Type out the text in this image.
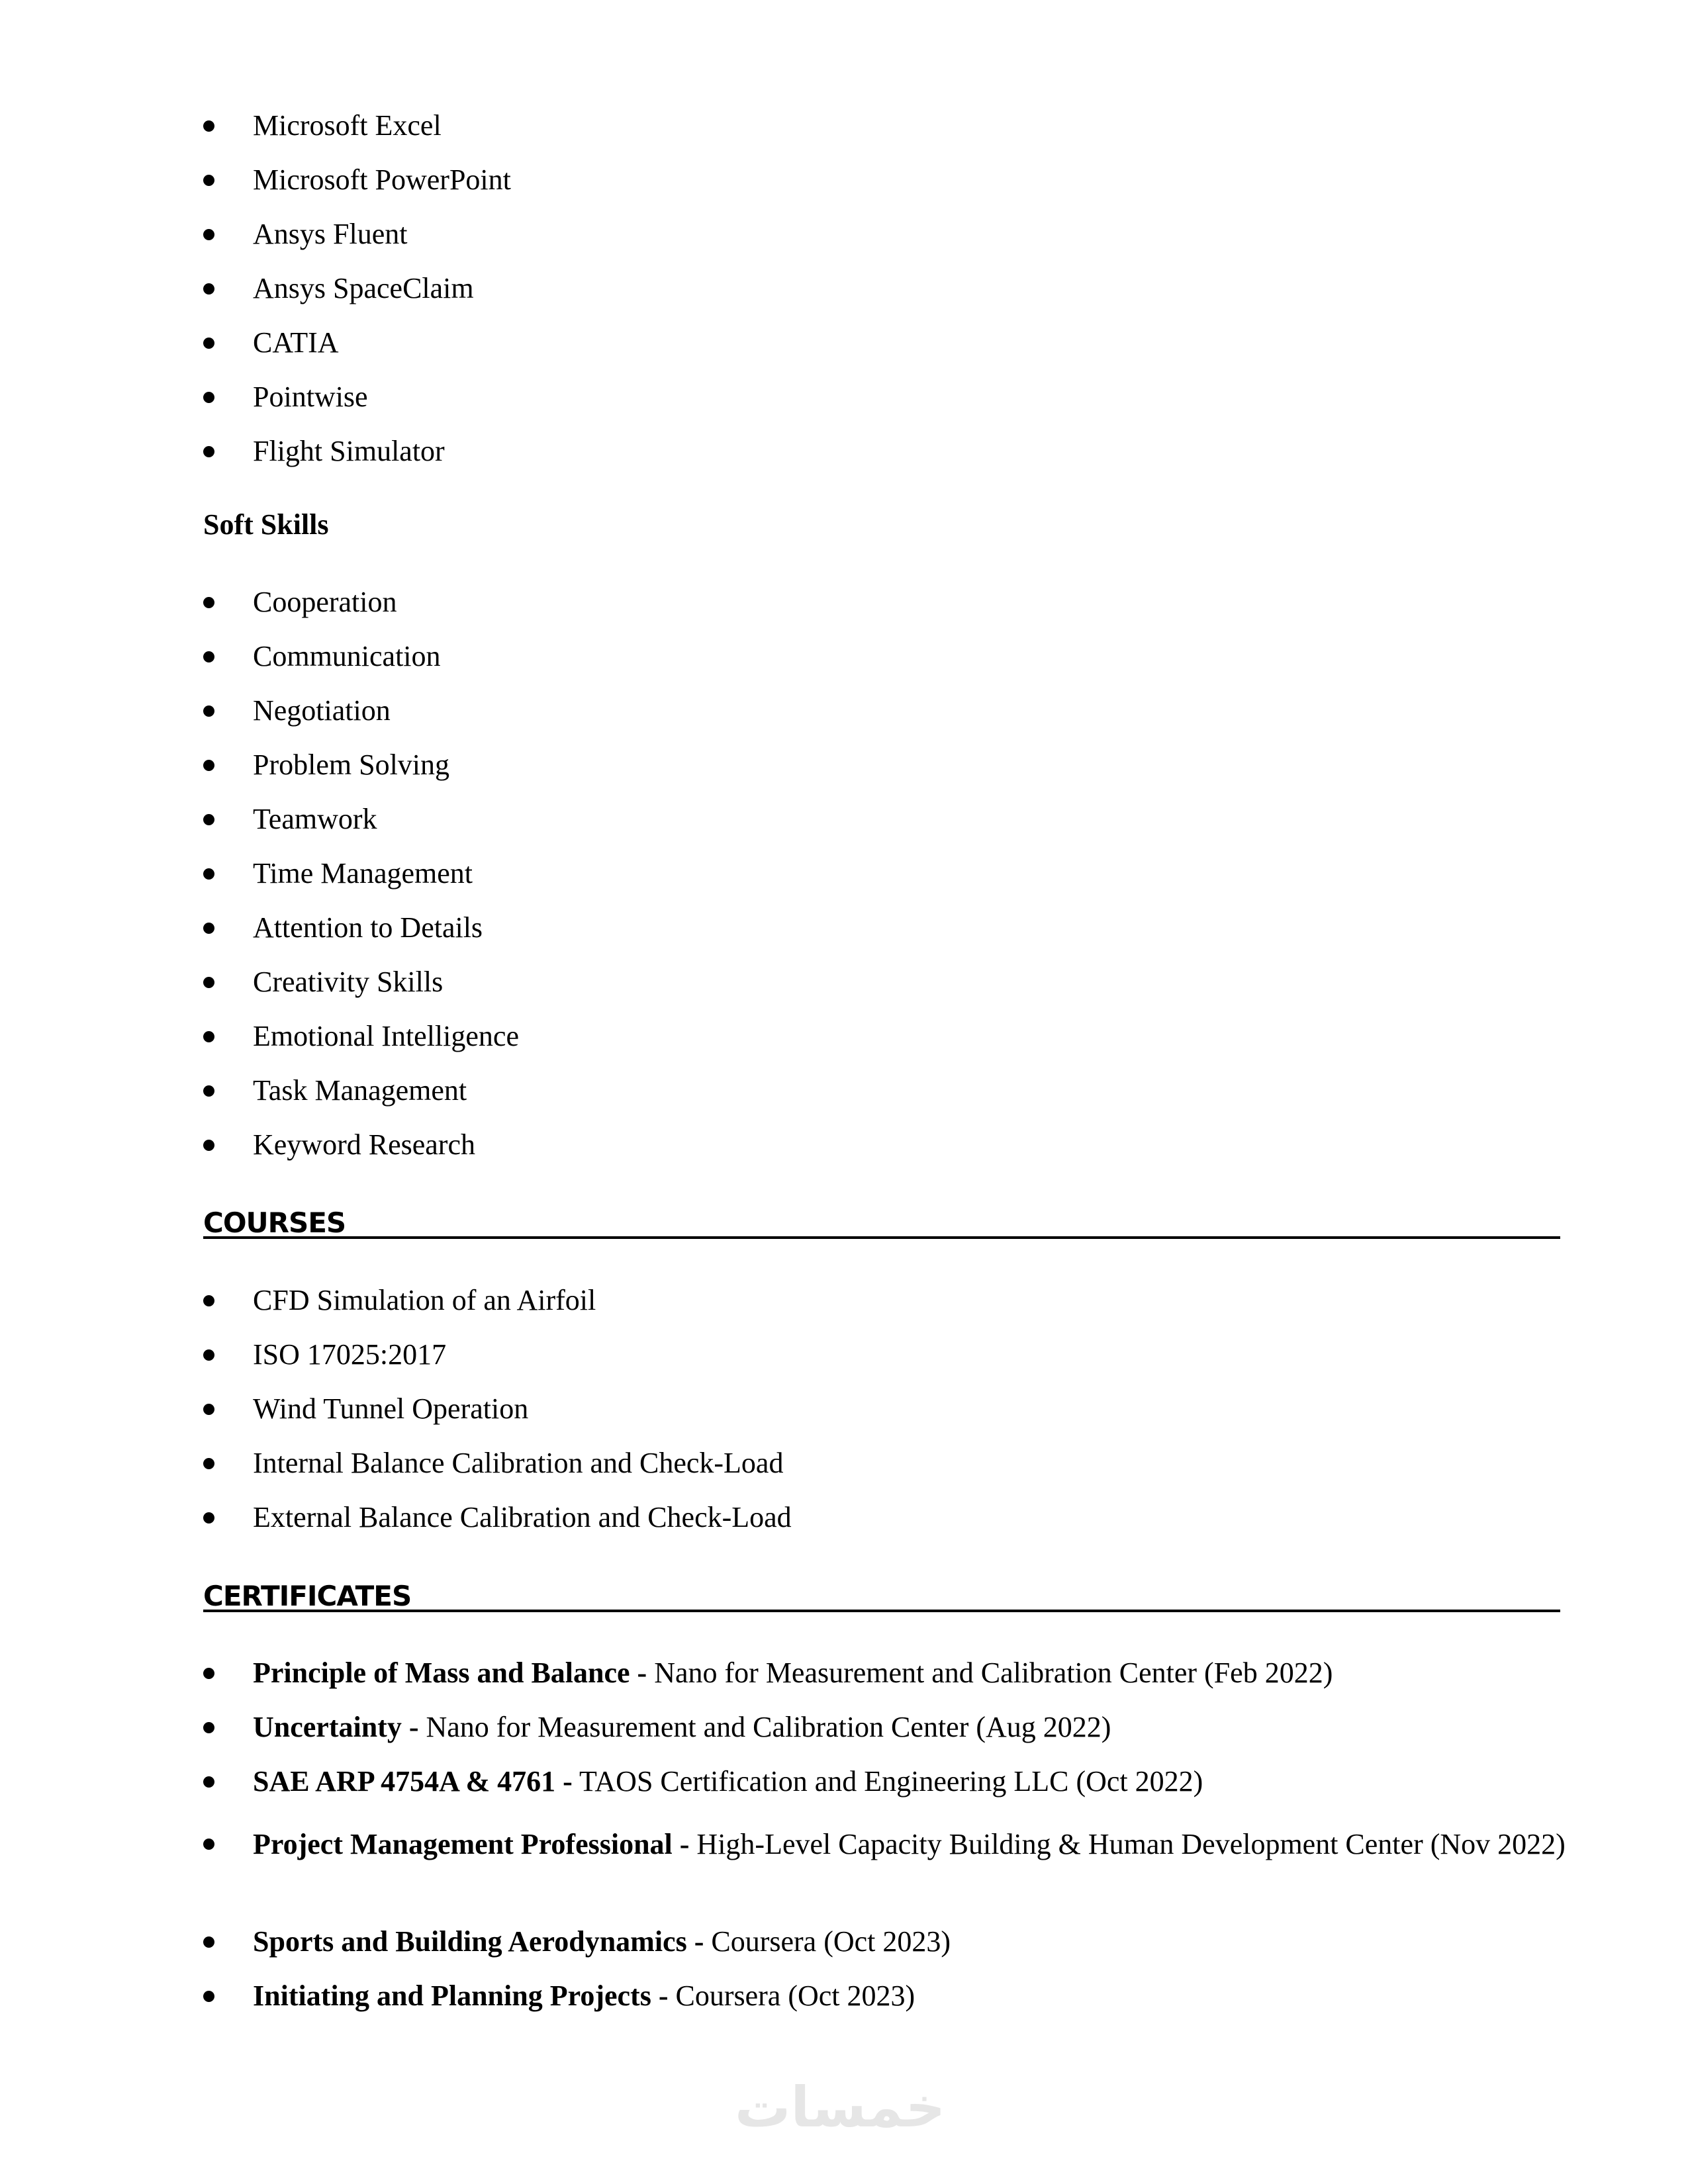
Microsoft Excel
Microsoft PowerPoint
Ansys Fluent
Ansys SpaceClaim
CATIA
Pointwise
Flight Simulator
Soft Skills
Cooperation
Communication
Negotiation
Problem Solving
Teamwork
Time Management
Attention to Details
Creativity Skills
Emotional Intelligence
Task Management
Keyword Research
COURSES
CFD Simulation of an Airfoil
ISO 17025:2017
Wind Tunnel Operation
Internal Balance Calibration and Check-Load
External Balance Calibration and Check-Load
CERTIFICATES
Principle of Mass and Balance - Nano for Measurement and Calibration Center (Feb 2022)
Uncertainty - Nano for Measurement and Calibration Center (Aug 2022)
SAE ARP 4754A & 4761 - TAOS Certification and Engineering LLC (Oct 2022)
Project Management Professional - High-Level Capacity Building & Human Development Center (Nov 2022)
Sports and Building Aerodynamics - Coursera (Oct 2023)
Initiating and Planning Projects - Coursera (Oct 2023)
خمسات
